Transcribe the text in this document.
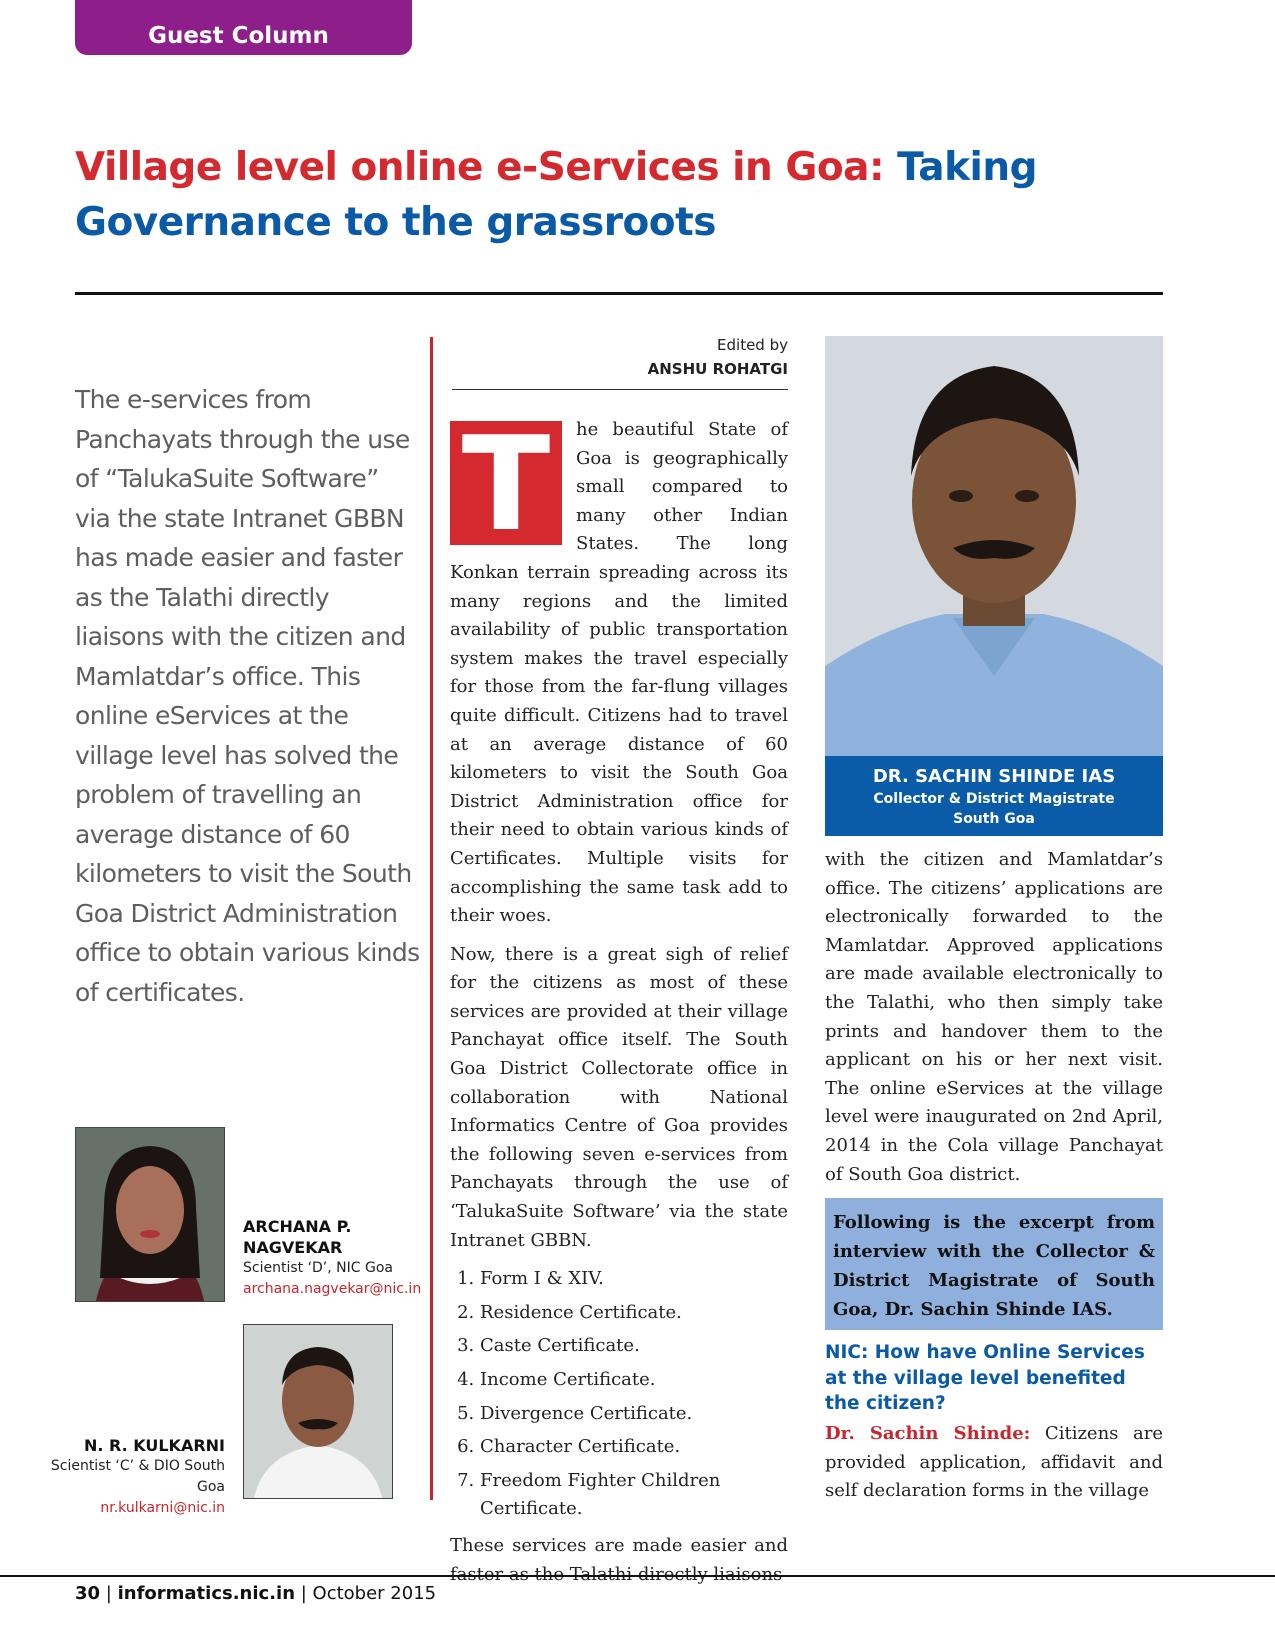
Guest Column
Village level online e-Services in Goa: Taking Governance to the grassroots
The e-services from Panchayats through the use of “TalukaSuite Software” via the state Intranet GBBN has made easier and faster as the Talathi directly liaisons with the citizen and Mamlatdar’s office. This online eServices at the village level has solved the problem of travelling an average distance of 60 kilometers to visit the South Goa District Administration office to obtain various kinds of certificates.
Edited by
ANSHU ROHATGI

T	he beautiful State of Goa is geographically small compared to many other Indian States. The long Konkan terrain spreading across its many regions and the limited availability of public transportation system makes the travel especially for those from the far-flung villages quite difficult. Citizens had to travel at an average distance of 60 kilometers to visit the South Goa District Administration office for their need to obtain various kinds of Certificates. Multiple visits for accomplishing the same task add to their woes.

Now, there is a great sigh of relief for the citizens as most of these services are provided at their village Panchayat office itself. The South Goa District Collectorate office in collaboration with National Informatics Centre of Goa provides the following seven e-services from Panchayats through the use of ‘TalukaSuite Software’ via the state Intranet GBBN.

1. Form I & XIV.
2. Residence Certificate.
3. Caste Certificate.
4. Income Certificate.
5. Divergence Certificate.
6. Character Certificate.
7. Freedom Fighter Children Certificate.

These services are made easier and

DR. SACHIN SHINDE IAS
Collector & District Magistrate
South Goa

with the citizen and Mamlatdar’s office. The citizens’ applications are electronically forwarded to the Mamlatdar. Approved applications are made available electronically to the Talathi, who then simply take prints and handover them to the applicant on his or her next visit. The online eServices at the village level were inaugurated on 2nd April, 2014 in the Cola village Panchayat of South Goa district.

Following is the excerpt from interview with the Collector & District Magistrate of South Goa, Dr. Sachin Shinde IAS.
NIC: How have Online Services at the village level benefited the citizen?

Dr. Sachin Shinde: Citizens are provided application, affidavit and self declaration forms in the village

ARCHANA P. NAGVEKAR
Scientist ‘D’, NIC Goa
archana.nagvekar@nic.in
N. R. KULKARNI
Scientist ‘C’ & DIO South Goa
nr.kulkarni@nic.in
30 | informatics.nic.in | October 2015
